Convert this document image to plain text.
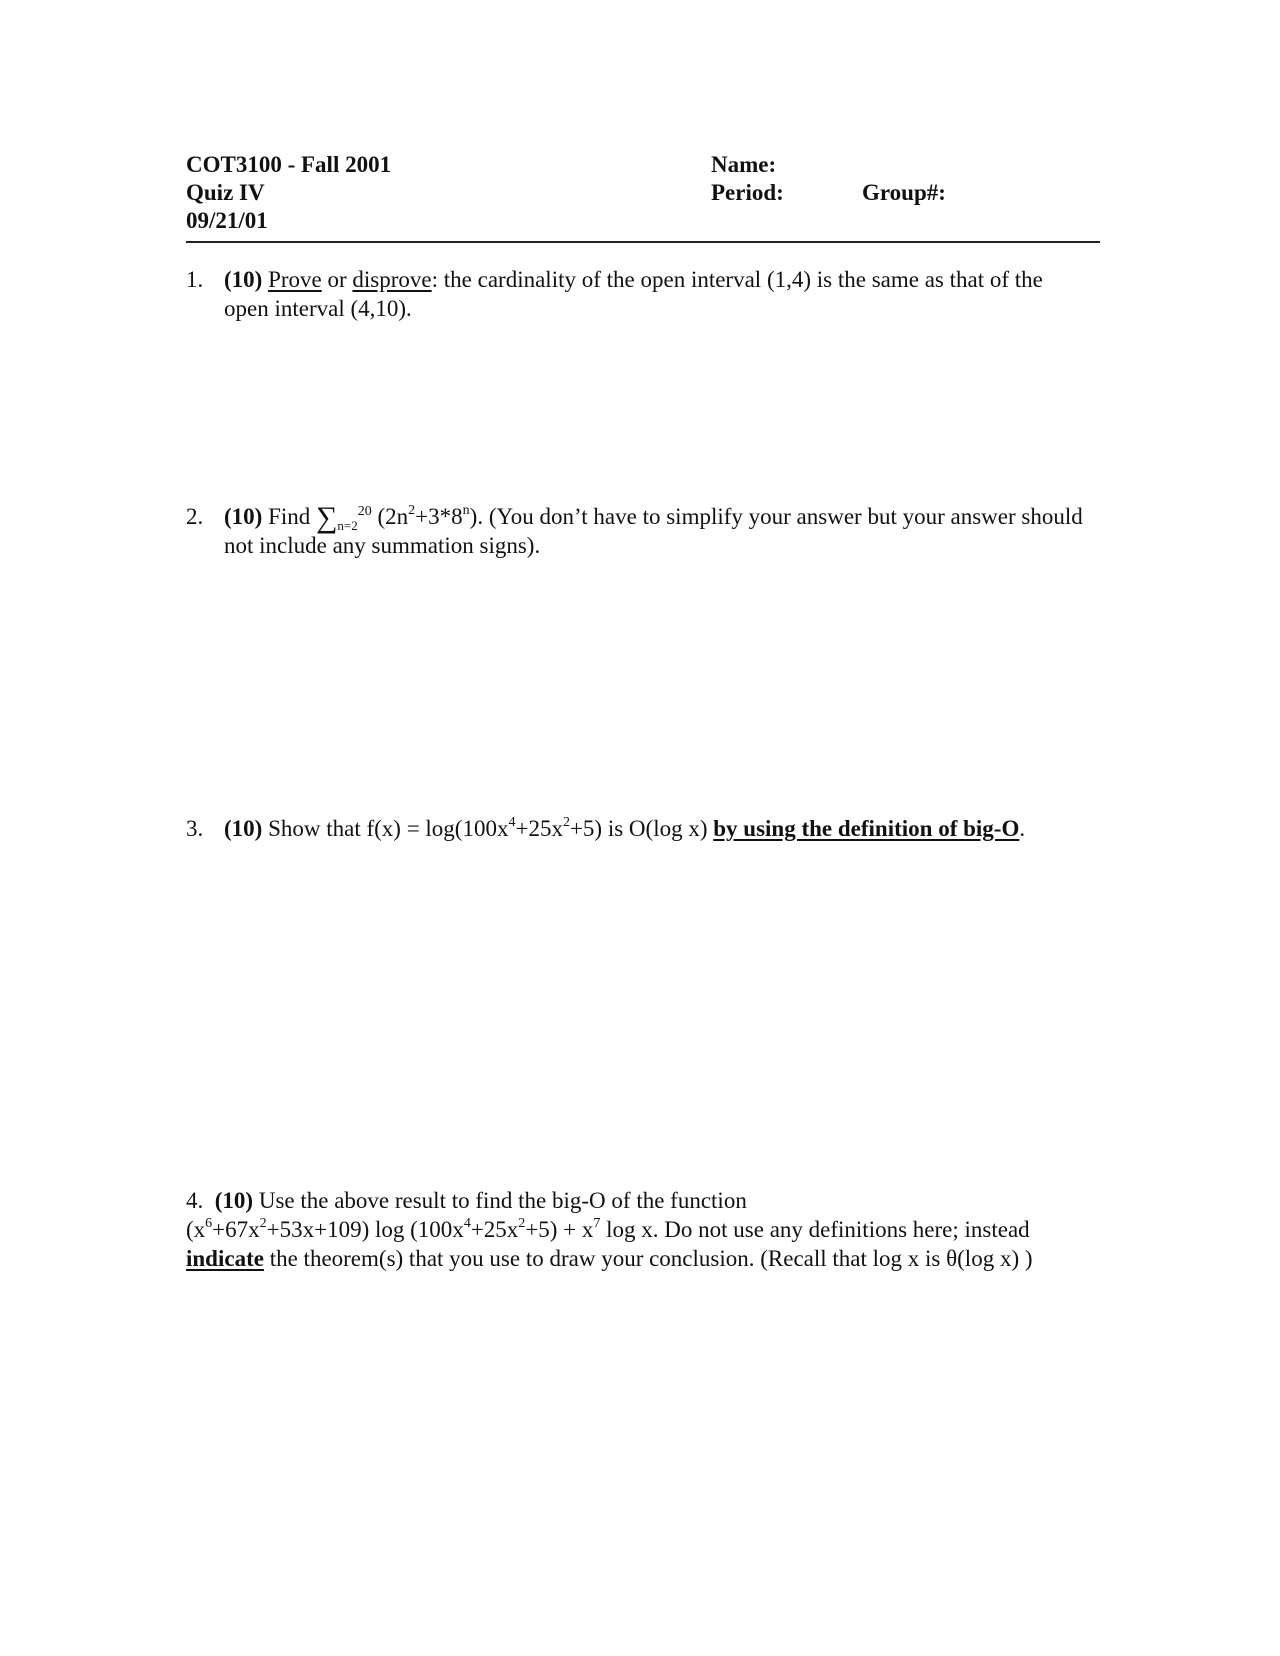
COT3100 - Fall 2001
Quiz IV
09/21/01
Name:
Period:	Group#:
1. (10) Prove or disprove: the cardinality of the open interval (1,4) is the same as that of the
open interval (4,10).
2. (10) Find $\sum_{n=2}^{20}$ $(2n^2+3*8^n)$. (You don’t have to simplify your answer but your answer should
not include any summation signs).
3. (10) Show that $f(x) = \log(100x^4+25x^2+5)$ is O(log x) by using the definition of big-O.
4. (10) Use the above result to find the big-O of the function
$(x^6+67x^2+53x+109)$ $\log (100x^4+25x^2+5) + x^7$ log x. Do not use any definitions here; instead
indicate the theorem(s) that you use to draw your conclusion. (Recall that log x is θ(log x) )
